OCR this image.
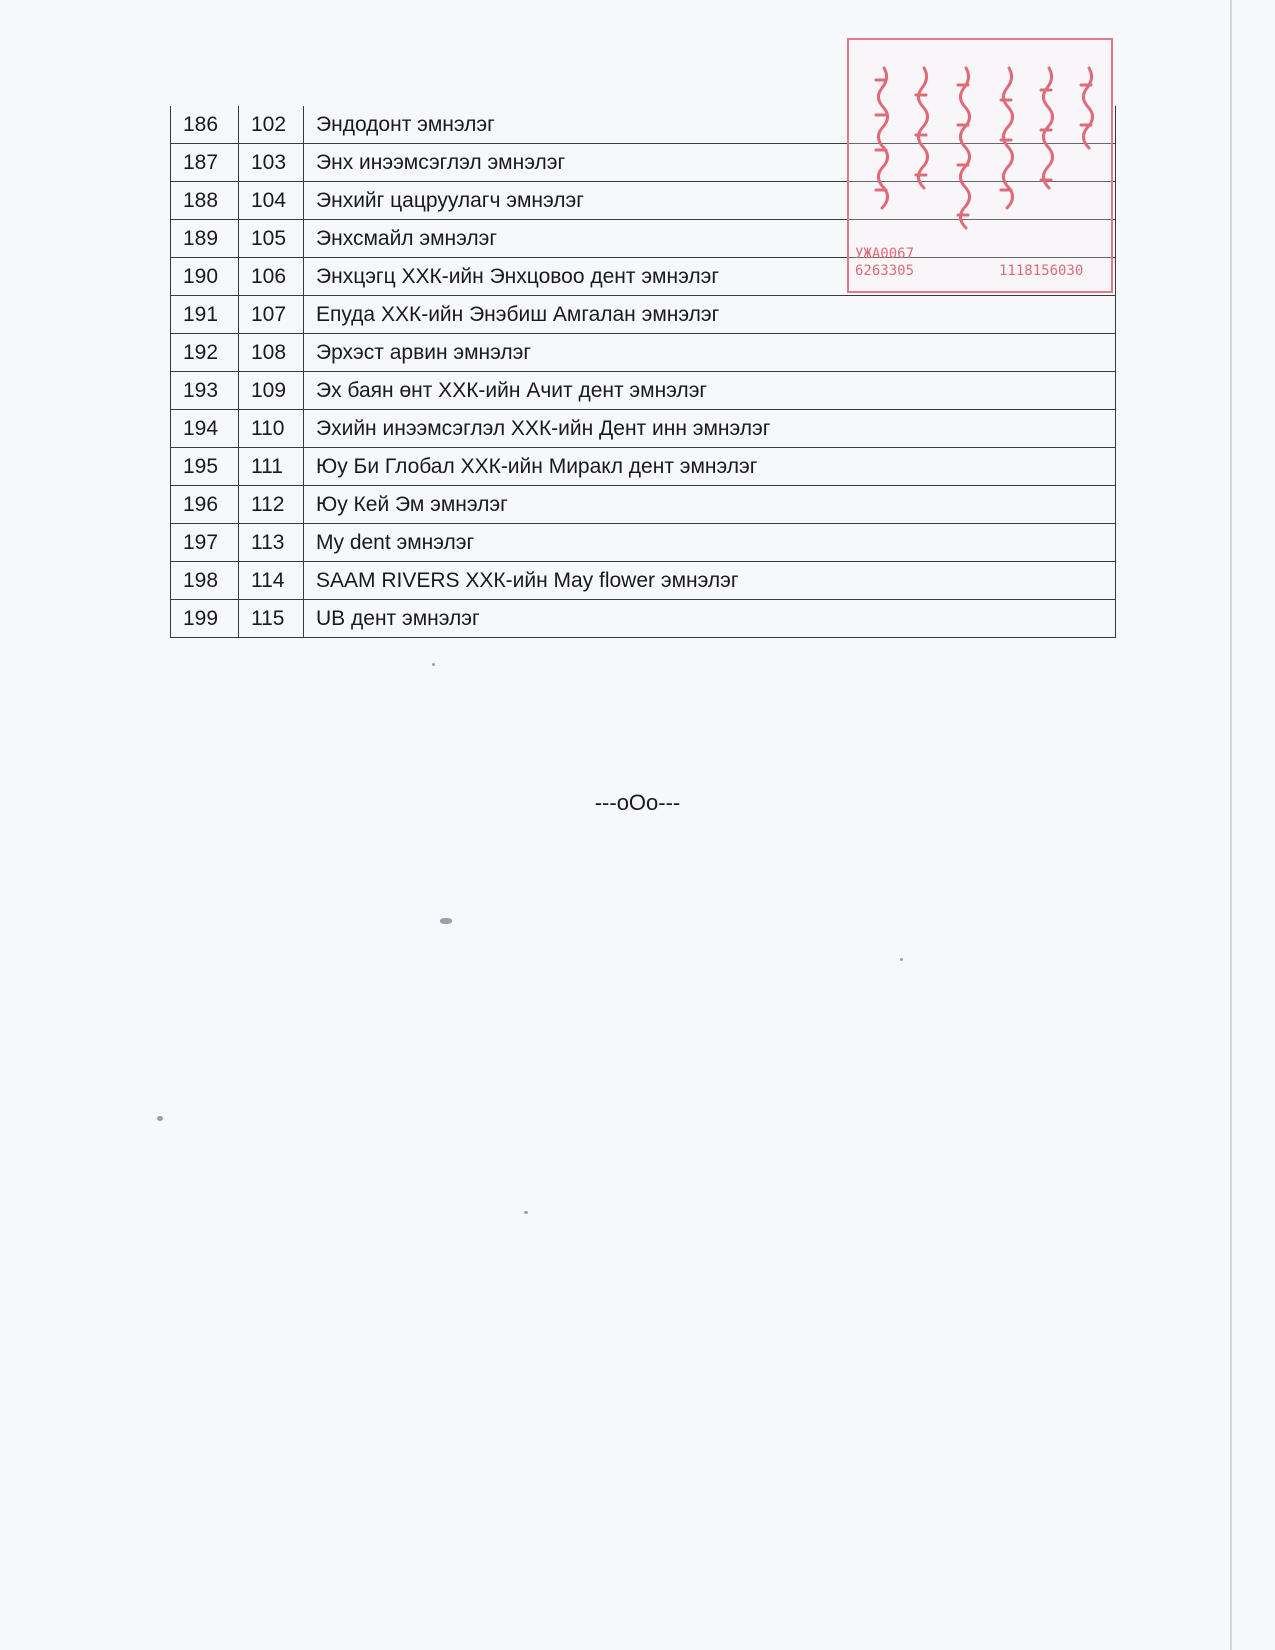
186	102	Эндодонт эмнэлэг
187	103	Энх инээмсэглэл эмнэлэг
188	104	Энхийг цацруулагч эмнэлэг
189	105	Энхсмайл эмнэлэг
190	106	Энхцэгц ХХК-ийн Энхцовоо дент эмнэлэг
191	107	Епуда ХХК-ийн Энэбиш Амгалан эмнэлэг
192	108	Эрхэст арвин эмнэлэг
193	109	Эх баян өнт ХХК-ийн Ачит дент эмнэлэг
194	110	Эхийн инээмсэглэл ХХК-ийн Дент инн эмнэлэг
195	111	Юу Би Глобал ХХК-ийн Миракл дент эмнэлэг
196	112	Юу Кей Эм эмнэлэг
197	113	My dent эмнэлэг
198	114	SAAM RIVERS ХХК-ийн May flower эмнэлэг
199	115	UB дент эмнэлэг
УЖА0067
6263305	1118156030
---oOo---
